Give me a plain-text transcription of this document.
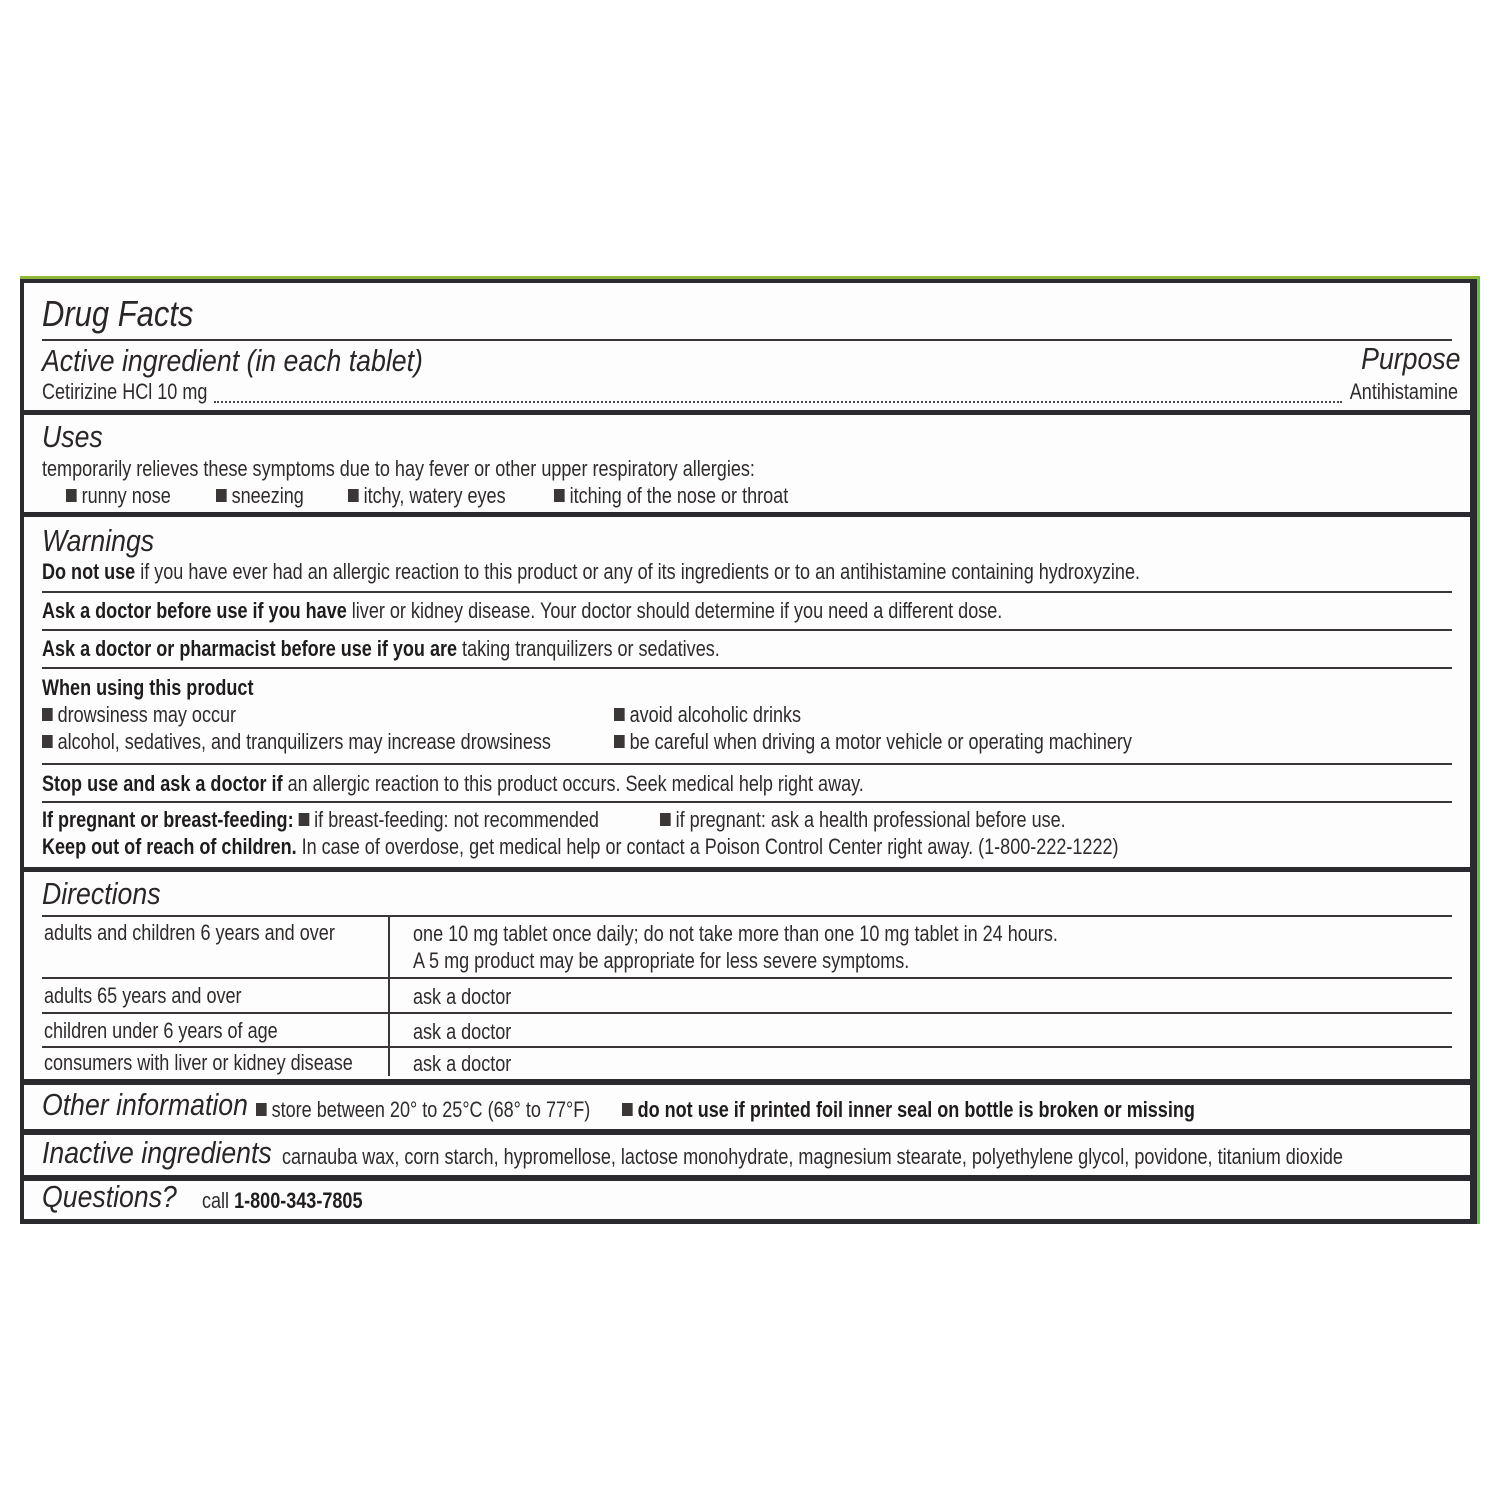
Drug Facts
Active ingredient (in each tablet)	Purpose
Cetirizine HCl 10 mg	Antihistamine
Uses
temporarily relieves these symptoms due to hay fever or other upper respiratory allergies:
runny nose	sneezing	itchy, watery eyes	itching of the nose or throat
Warnings
Do not use if you have ever had an allergic reaction to this product or any of its ingredients or to an antihistamine containing hydroxyzine.
Ask a doctor before use if you have liver or kidney disease. Your doctor should determine if you need a different dose.
Ask a doctor or pharmacist before use if you are taking tranquilizers or sedatives.
When using this product
drowsiness may occur	avoid alcoholic drinks
alcohol, sedatives, and tranquilizers may increase drowsiness	be careful when driving a motor vehicle or operating machinery
Stop use and ask a doctor if an allergic reaction to this product occurs. Seek medical help right away.
If pregnant or breast-feeding: if breast-feeding: not recommended	if pregnant: ask a health professional before use.
Keep out of reach of children. In case of overdose, get medical help or contact a Poison Control Center right away. (1-800-222-1222)
Directions
adults and children 6 years and over	one 10 mg tablet once daily; do not take more than one 10 mg tablet in 24 hours.
A 5 mg product may be appropriate for less severe symptoms.
adults 65 years and over	ask a doctor
children under 6 years of age	ask a doctor
consumers with liver or kidney disease	ask a doctor
Other information	store between 20° to 25°C (68° to 77°F)	do not use if printed foil inner seal on bottle is broken or missing
Inactive ingredients carnauba wax, corn starch, hypromellose, lactose monohydrate, magnesium stearate, polyethylene glycol, povidone, titanium dioxide
Questions? call 1-800-343-7805
